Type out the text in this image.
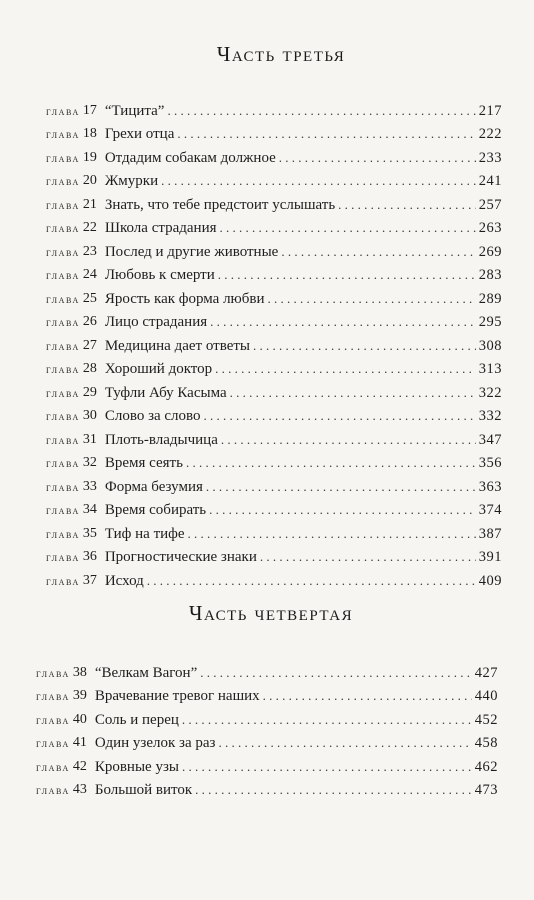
Часть третья
глава 17 “Тицита” . . .	217
глава 18 Грехи отца . . .	222
глава 19 Отдадим собакам должное . . .	233
глава 20 Жмурки . . .	241
глава 21 Знать, что тебе предстоит услышать . . .	257
глава 22 Школа страдания . . .	263
глава 23 Послед и другие животные . . .	269
глава 24 Любовь к смерти . . .	283
глава 25 Ярость как форма любви . . .	289
глава 26 Лицо страдания . . .	295
глава 27 Медицина дает ответы . . .	308
глава 28 Хороший доктор . . .	313
глава 29 Туфли Абу Касыма . . .	322
глава 30 Слово за слово . . .	332
глава 31 Плоть-владычица . . .	347
глава 32 Время сеять . . .	356
глава 33 Форма безумия . . .	363
глава 34 Время собирать . . .	374
глава 35 Тиф на тифе . . .	387
глава 36 Прогностические знаки . . .	391
глава 37 Исход . . .	409
Часть четвертая
глава 38 “Велкам Вагон” . . .	427
глава 39 Врачевание тревог наших . . .	440
глава 40 Соль и перец . . .	452
глава 41 Один узелок за раз . . .	458
глава 42 Кровные узы . . .	462
глава 43 Большой виток . . .	473
